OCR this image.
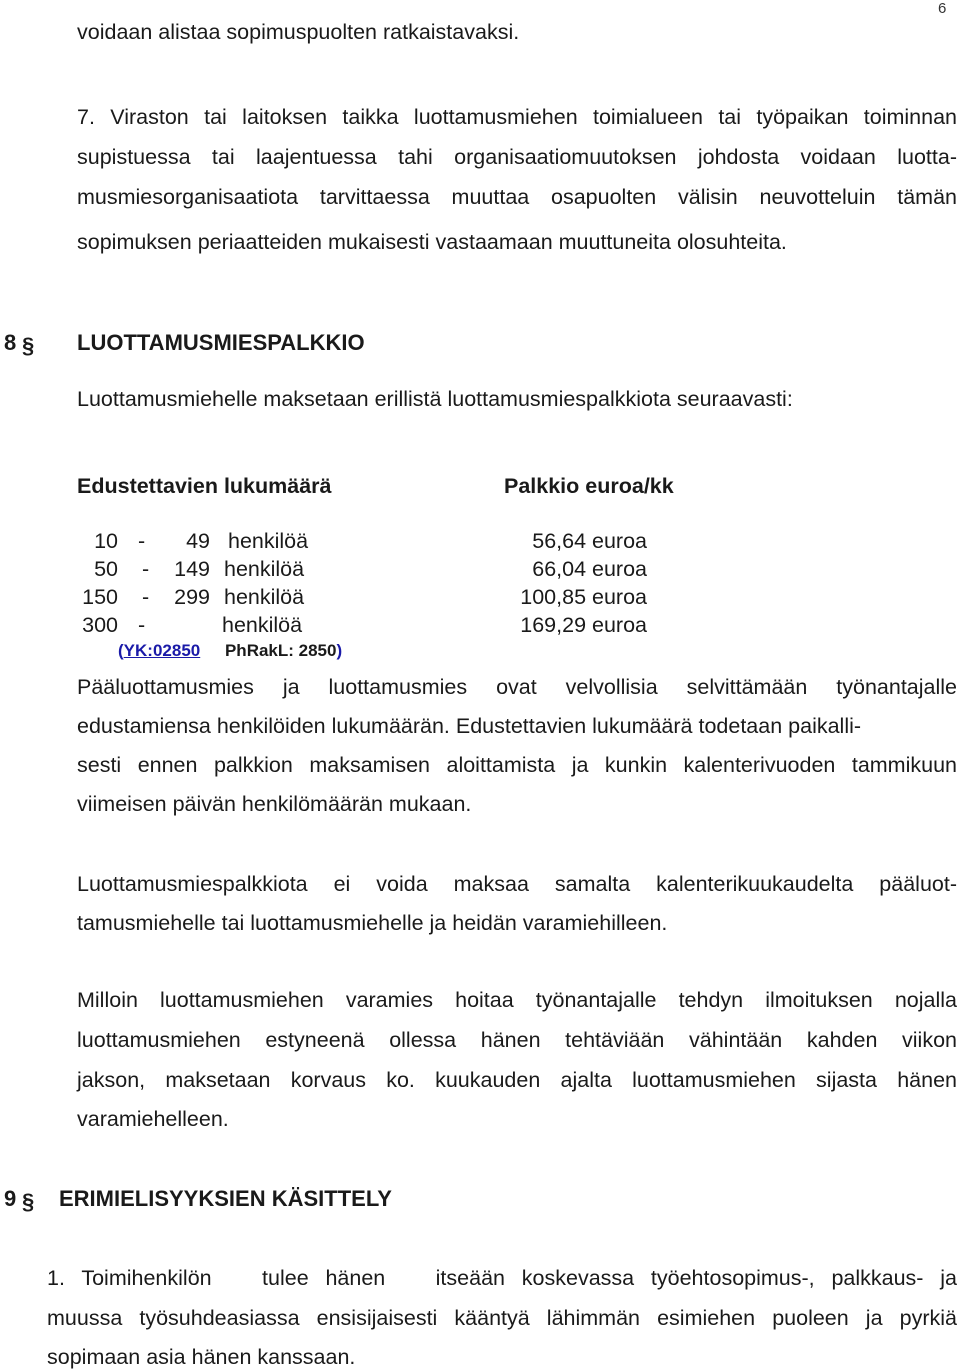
6
voidaan alistaa sopimuspuolten ratkaistavaksi.
7. Viraston tai laitoksen taikka luottamusmiehen toimialueen tai työpaikan toiminnan
supistuessa tai laajentuessa tahi organisaatiomuutoksen johdosta voidaan luotta-
musmiesorganisaatiota tarvittaessa muuttaa osapuolten välisin neuvotteluin tämän
sopimuksen periaatteiden mukaisesti vastaamaan muuttuneita olosuhteita.
8 § LUOTTAMUSMIESPALKKIO
Luottamusmiehelle maksetaan erillistä luottamusmiespalkkiota seuraavasti:
Edustettavien lukumäärä	Palkkio euroa/kk
10 -	49 henkilöä	56,64 euroa
50 -	149 henkilöä	66,04 euroa
150 -	299 henkilöä	100,85 euroa
300 -	henkilöä	169,29 euroa
(YK:02850 PhRakL: 2850)
Pääluottamusmies ja luottamusmies ovat velvollisia selvittämään työnantajalle
edustamiensa henkilöiden lukumäärän. Edustettavien lukumäärä todetaan paikalli-
sesti ennen palkkion maksamisen aloittamista ja kunkin kalenterivuoden tammikuun
viimeisen päivän henkilömäärän mukaan.
Luottamusmiespalkkiota ei voida maksaa samalta kalenterikuukaudelta pääluot-
tamusmiehelle tai luottamusmiehelle ja heidän varamiehilleen.
Milloin luottamusmiehen varamies hoitaa työnantajalle tehdyn ilmoituksen nojalla
luottamusmiehen estyneenä ollessa hänen tehtäviään vähintään kahden viikon
jakson, maksetaan korvaus ko. kuukauden ajalta luottamusmiehen sijasta hänen
varamiehelleen.
9 § ERIMIELISYYKSIEN KÄSITTELY
1. Toimihenkilön   tulee hänen   itseään koskevassa työehtosopimus-, palkkaus- ja
muussa työsuhdeasiassa ensisijaisesti kääntyä lähimmän esimiehen puoleen ja pyrkiä
sopimaan asia hänen kanssaan.
